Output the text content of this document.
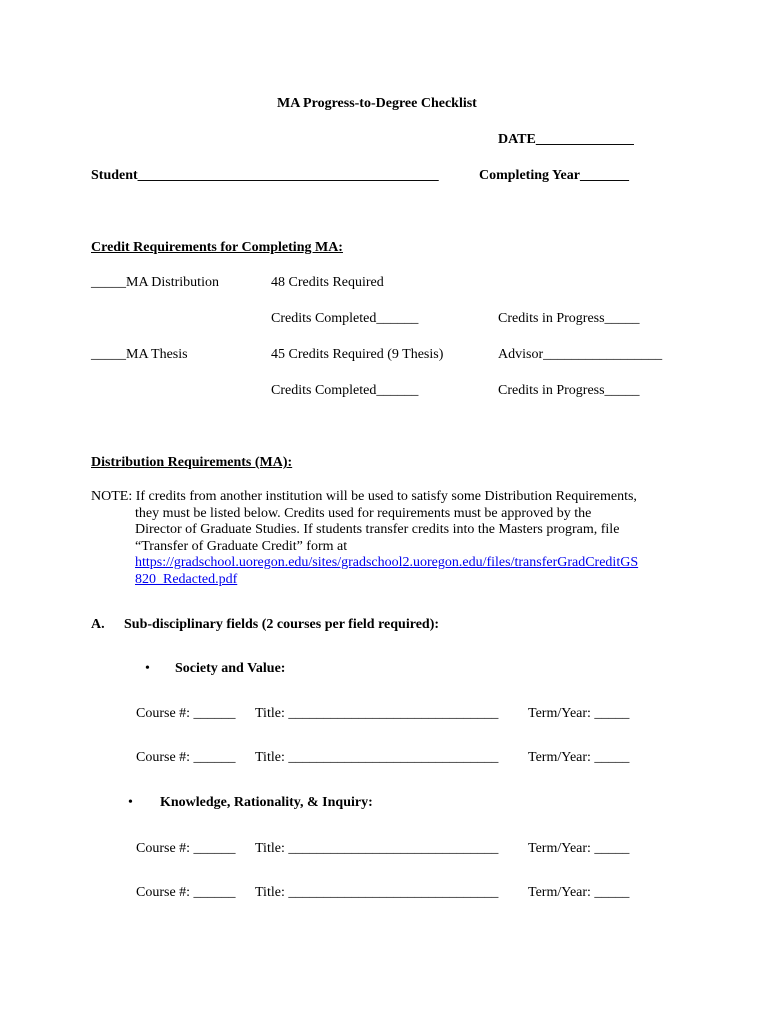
MA Progress-to-Degree Checklist
DATE______________
Student___________________________________________	Completing Year_______
Credit Requirements for Completing MA:
_____MA Distribution	48 Credits Required
Credits Completed______	Credits in Progress_____
_____MA Thesis	45 Credits Required (9 Thesis)	Advisor_________________
Credits Completed______	Credits in Progress_____
Distribution Requirements (MA):
NOTE: If credits from another institution will be used to satisfy some Distribution Requirements,
they must be listed below. Credits used for requirements must be approved by the
Director of Graduate Studies. If students transfer credits into the Masters program, file
“Transfer of Graduate Credit” form at
https://gradschool.uoregon.edu/sites/gradschool2.uoregon.edu/files/transferGradCreditGS
820_Redacted.pdf
A. Sub-disciplinary fields (2 courses per field required):
• Society and Value:
Course #: ______ Title: ______________________________ Term/Year: _____
Course #: ______ Title: ______________________________ Term/Year: _____
• Knowledge, Rationality, & Inquiry:
Course #: ______ Title: ______________________________ Term/Year: _____
Course #: ______ Title: ______________________________ Term/Year: _____
